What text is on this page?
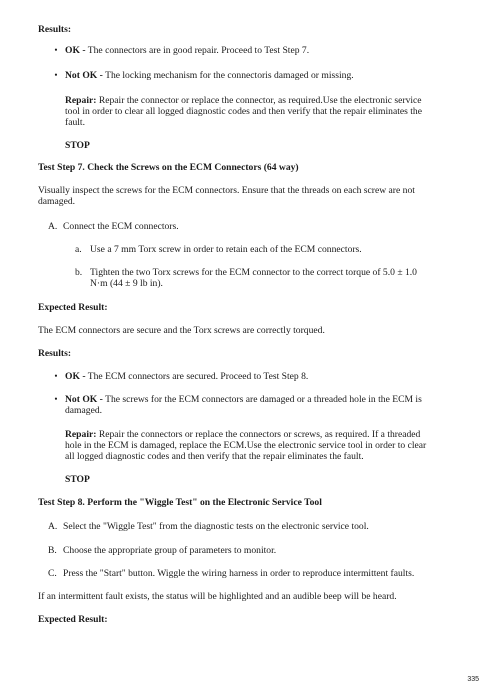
Results:
• OK - The connectors are in good repair. Proceed to Test Step 7.
• Not OK - The locking mechanism for the connectoris damaged or missing.
Repair: Repair the connector or replace the connector, as required.Use the electronic service
tool in order to clear all logged diagnostic codes and then verify that the repair eliminates the
fault.
STOP
Test Step 7. Check the Screws on the ECM Connectors (64 way)
Visually inspect the screws for the ECM connectors. Ensure that the threads on each screw are not
damaged.
A. Connect the ECM connectors.
a. Use a 7 mm Torx screw in order to retain each of the ECM connectors.
b. Tighten the two Torx screws for the ECM connector to the correct torque of 5.0 ± 1.0
N·m (44 ± 9 lb in).
Expected Result:
The ECM connectors are secure and the Torx screws are correctly torqued.
Results:
• OK - The ECM connectors are secured. Proceed to Test Step 8.
• Not OK - The screws for the ECM connectors are damaged or a threaded hole in the ECM is
damaged.
Repair: Repair the connectors or replace the connectors or screws, as required. If a threaded
hole in the ECM is damaged, replace the ECM.Use the electronic service tool in order to clear
all logged diagnostic codes and then verify that the repair eliminates the fault.
STOP
Test Step 8. Perform the "Wiggle Test" on the Electronic Service Tool
A. Select the "Wiggle Test" from the diagnostic tests on the electronic service tool.
B. Choose the appropriate group of parameters to monitor.
C. Press the "Start" button. Wiggle the wiring harness in order to reproduce intermittent faults.
If an intermittent fault exists, the status will be highlighted and an audible beep will be heard.
Expected Result:
335
